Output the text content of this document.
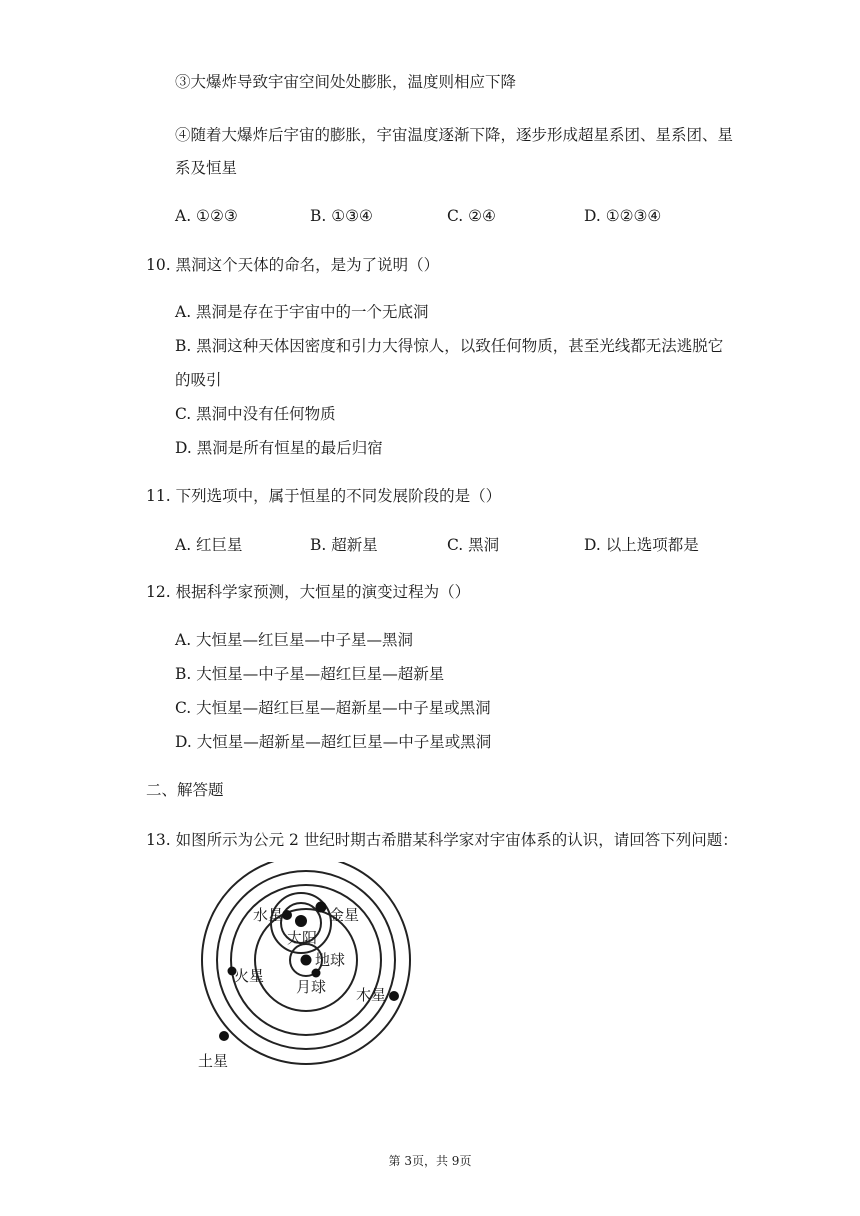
③大爆炸导致宇宙空间处处膨胀，温度则相应下降
④随着大爆炸后宇宙的膨胀，宇宙温度逐渐下降，逐步形成超星系团、星系团、星
系及恒星
A. ①②③	B. ①③④	C. ②④	D. ①②③④
10. 黑洞这个天体的命名，是为了说明（）
A. 黑洞是存在于宇宙中的一个无底洞
B. 黑洞这种天体因密度和引力大得惊人，以致任何物质，甚至光线都无法逃脱它
的吸引
C. 黑洞中没有任何物质
D. 黑洞是所有恒星的最后归宿
11. 下列选项中，属于恒星的不同发展阶段的是（）
A. 红巨星	B. 超新星	C. 黑洞	D. 以上选项都是
12. 根据科学家预测，大恒星的演变过程为（）
A. 大恒星—红巨星—中子星—黑洞
B. 大恒星—中子星—超红巨星—超新星
C. 大恒星—超红巨星—超新星—中子星或黑洞
D. 大恒星—超新星—超红巨星—中子星或黑洞
二、解答题
13. 如图所示为公元 2 世纪时期古希腊某科学家对宇宙体系的认识，请回答下列问题：
水星	金星
太阳
地球
月球
火星
木星
土星
第 3页，共 9页
